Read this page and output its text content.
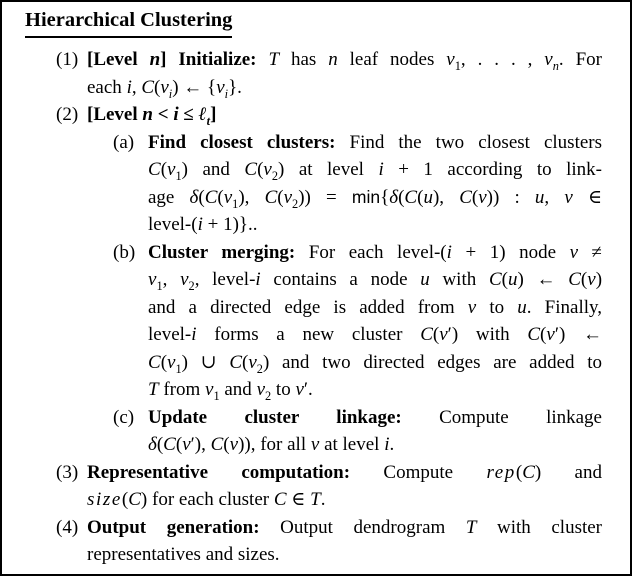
Hierarchical Clustering
(1) [Level n] Initialize: T has n leaf nodes $v_1$, . . . , $v_n$. For
each i, $C(v_i)$ ← $\{v_i\}$.
(2) [Level n < i ≤ ℓ$_t$]
(a) Find closest clusters: Find the two closest clusters
$C(v_1)$ and $C(v_2)$ at level i + 1 according to link-
age $\delta(C(v_1)$, $C(v_2)) = \min\{\delta(C(u)$, C(v)) : u, v ∈
level-(i + 1)}..
(b) Cluster merging: For each level-(i + 1) node v ≠
$v_1$, $v_2$, level-i contains a node u with C(u) ← C(v)
and a directed edge is added from v to u. Finally,
level-i forms a new cluster C(v′) with C(v′) ←
$C(v_1)$ ∪ $C(v_2)$ and two directed edges are added to
T from $v_1$ and $v_2$ to v′.
(c) Update cluster linkage: Compute linkage
δ(C(v′), C(v)), for all v at level i.
(3) Representative computation: Compute rep(C) and
size(C) for each cluster C ∈ T.
(4) Output generation: Output dendrogram T with cluster
representatives and sizes.
